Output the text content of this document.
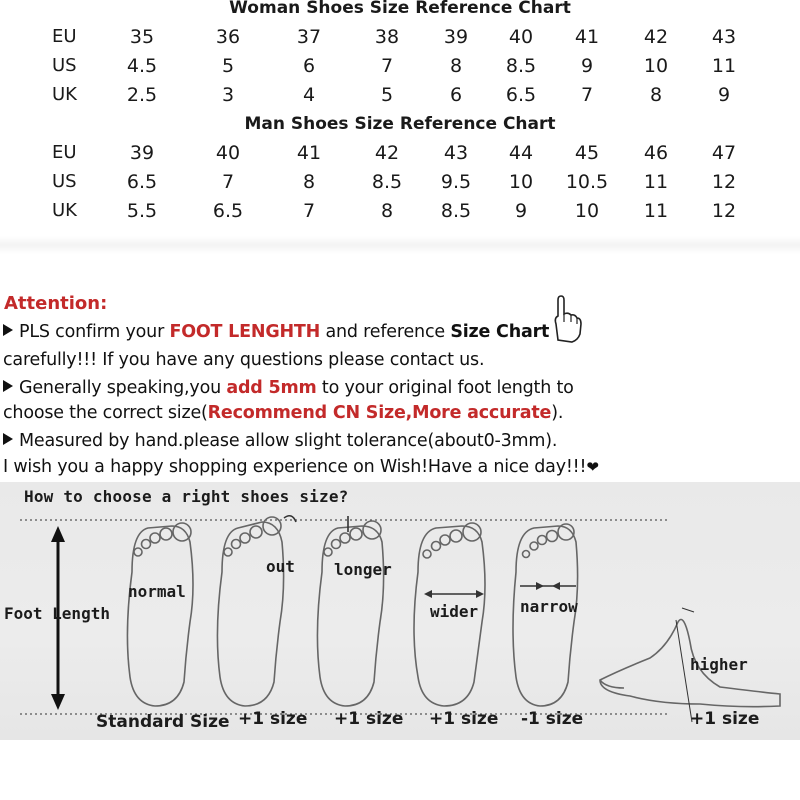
Woman Shoes Size Reference Chart
EU	35	36	37	38	39	40	41	42	43
US	4.5	5	6	7	8	8.5	9	10	11
UK	2.5	3	4	5	6	6.5	7	8	9
Man Shoes Size Reference Chart
EU	39	40	41	42	43	44	45	46	47
US	6.5	7	8	8.5	9.5	10	10.5	11	12
UK	5.5	6.5	7	8	8.5	9	10	11	12
Attention:
PLS confirm your FOOT LENGHTH and reference Size Chart
carefully!!! If you have any questions please contact us.
Generally speaking,you add 5mm to your original foot length to
choose the correct size(Recommend CN Size,More accurate).
Measured by hand.please allow slight tolerance(about0-3mm).
I wish you a happy shopping experience on Wish!Have a nice day!!!❤
How to choose a right shoes size?
Foot Length
normal
out longer
wider	narrow
higher
Standard Size +1 size +1 size +1 size -1 size	+1 size
